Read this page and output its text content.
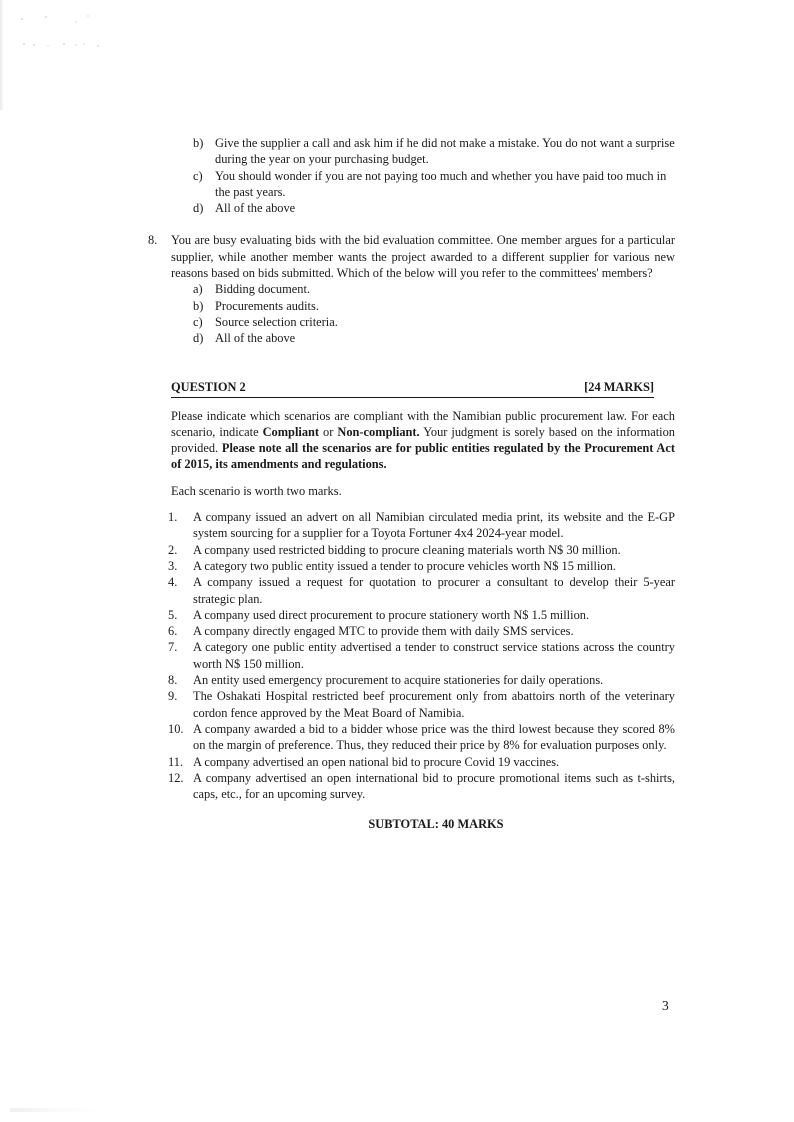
b) Give the supplier a call and ask him if he did not make a mistake. You do not want a surprise during the year on your purchasing budget.
c) You should wonder if you are not paying too much and whether you have paid too much in the past years.
d) All of the above
8. You are busy evaluating bids with the bid evaluation committee. One member argues for a particular supplier, while another member wants the project awarded to a different supplier for various new reasons based on bids submitted. Which of the below will you refer to the committees' members?
a) Bidding document.
b) Procurements audits.
c) Source selection criteria.
d) All of the above
QUESTION 2	[24 MARKS]
Please indicate which scenarios are compliant with the Namibian public procurement law. For each scenario, indicate Compliant or Non-compliant. Your judgment is sorely based on the information provided. Please note all the scenarios are for public entities regulated by the Procurement Act of 2015, its amendments and regulations.
Each scenario is worth two marks.
1. A company issued an advert on all Namibian circulated media print, its website and the E-GP system sourcing for a supplier for a Toyota Fortuner 4x4 2024-year model.
2. A company used restricted bidding to procure cleaning materials worth N$ 30 million.
3. A category two public entity issued a tender to procure vehicles worth N$ 15 million.
4. A company issued a request for quotation to procurer a consultant to develop their 5-year strategic plan.
5. A company used direct procurement to procure stationery worth N$ 1.5 million.
6. A company directly engaged MTC to provide them with daily SMS services.
7. A category one public entity advertised a tender to construct service stations across the country worth N$ 150 million.
8. An entity used emergency procurement to acquire stationeries for daily operations.
9. The Oshakati Hospital restricted beef procurement only from abattoirs north of the veterinary cordon fence approved by the Meat Board of Namibia.
10. A company awarded a bid to a bidder whose price was the third lowest because they scored 8% on the margin of preference. Thus, they reduced their price by 8% for evaluation purposes only.
11. A company advertised an open national bid to procure Covid 19 vaccines.
12. A company advertised an open international bid to procure promotional items such as t-shirts, caps, etc., for an upcoming survey.
SUBTOTAL: 40 MARKS
3
